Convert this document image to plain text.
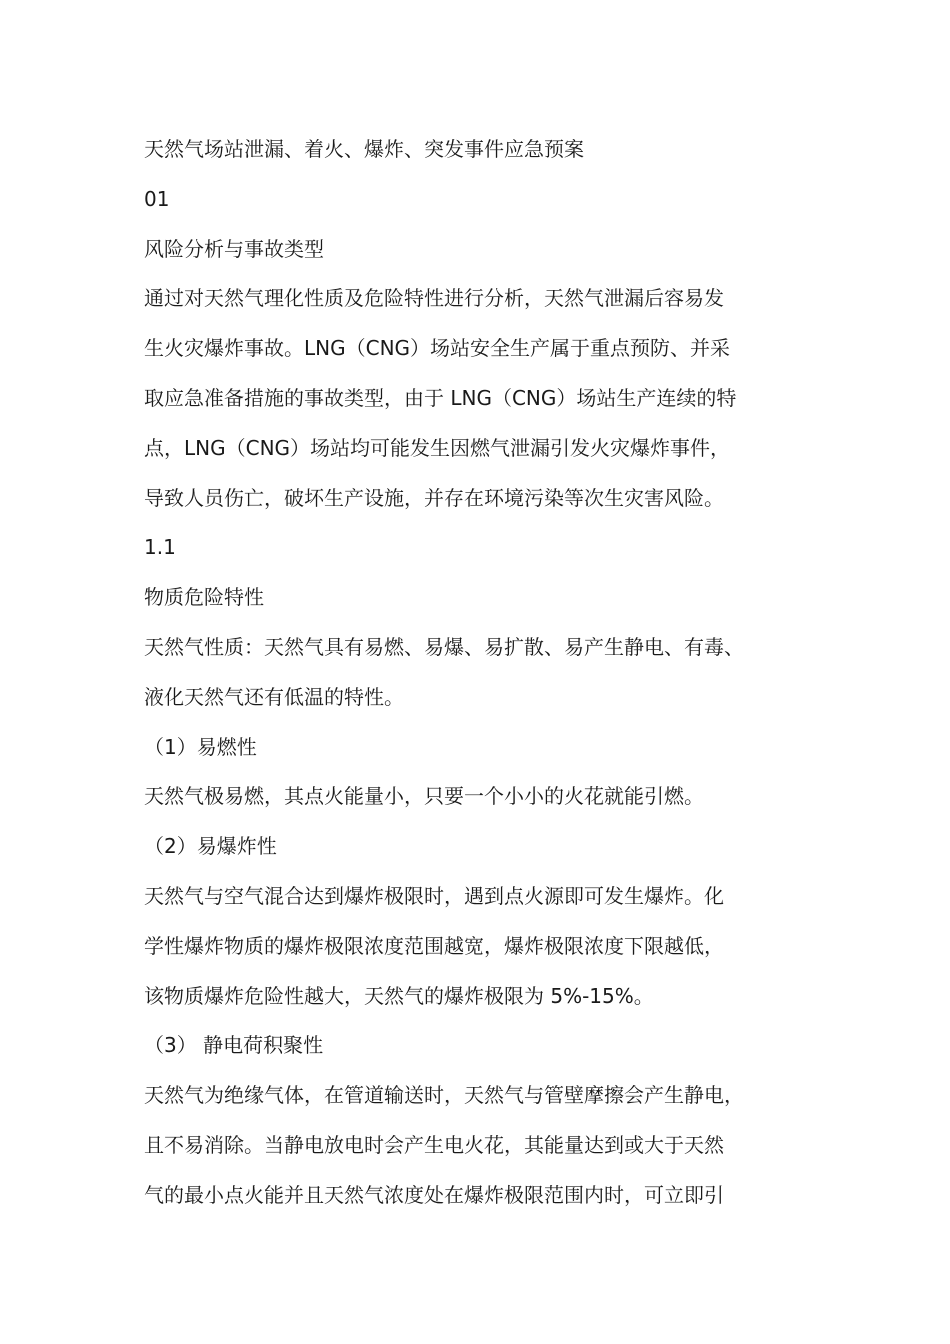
天然气场站泄漏、着火、爆炸、突发事件应急预案
01
风险分析与事故类型
通过对天然气理化性质及危险特性进行分析，天然气泄漏后容易发
生火灾爆炸事故。LNG（CNG）场站安全生产属于重点预防、并采
取应急准备措施的事故类型，由于 LNG（CNG）场站生产连续的特
点，LNG（CNG）场站均可能发生因燃气泄漏引发火灾爆炸事件，
导致人员伤亡，破坏生产设施，并存在环境污染等次生灾害风险。
1.1
物质危险特性
天然气性质：天然气具有易燃、易爆、易扩散、易产生静电、有毒、
液化天然气还有低温的特性。
（1）易燃性
天然气极易燃，其点火能量小，只要一个小小的火花就能引燃。
（2）易爆炸性
天然气与空气混合达到爆炸极限时，遇到点火源即可发生爆炸。化
学性爆炸物质的爆炸极限浓度范围越宽，爆炸极限浓度下限越低，
该物质爆炸危险性越大，天然气的爆炸极限为 5%-15%。
（3） 静电荷积聚性
天然气为绝缘气体，在管道输送时，天然气与管壁摩擦会产生静电，
且不易消除。当静电放电时会产生电火花，其能量达到或大于天然
气的最小点火能并且天然气浓度处在爆炸极限范围内时，可立即引
